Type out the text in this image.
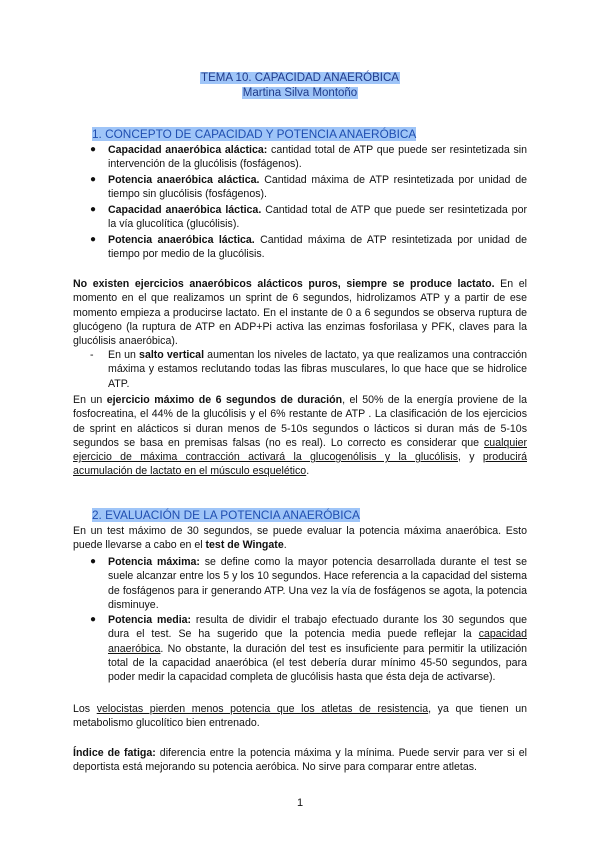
TEMA 10. CAPACIDAD ANAERÓBICA
Martina Silva Montoño
1. CONCEPTO DE CAPACIDAD Y POTENCIA ANAERÓBICA
● Capacidad anaeróbica aláctica: cantidad total de ATP que puede ser resintetizada sin intervención de la glucólisis (fosfágenos).
● Potencia anaeróbica aláctica. Cantidad máxima de ATP resintetizada por unidad de tiempo sin glucólisis (fosfágenos).
● Capacidad anaeróbica láctica. Cantidad total de ATP que puede ser resintetizada por la vía glucolítica (glucólisis).
● Potencia anaeróbica láctica. Cantidad máxima de ATP resintetizada por unidad de tiempo por medio de la glucólisis.
No existen ejercicios anaeróbicos alácticos puros, siempre se produce lactato. En el momento en el que realizamos un sprint de 6 segundos, hidrolizamos ATP y a partir de ese momento empieza a producirse lactato. En el instante de 0 a 6 segundos se observa ruptura de glucógeno (la ruptura de ATP en ADP+Pi activa las enzimas fosforilasa y PFK, claves para la glucólisis anaeróbica).
- En un salto vertical aumentan los niveles de lactato, ya que realizamos una contracción máxima y estamos reclutando todas las fibras musculares, lo que hace que se hidrolice ATP.
En un ejercicio máximo de 6 segundos de duración, el 50% de la energía proviene de la fosfocreatina, el 44% de la glucólisis y el 6% restante de ATP . La clasificación de los ejercicios de sprint en alácticos si duran menos de 5-10s segundos o lácticos si duran más de 5-10s segundos se basa en premisas falsas (no es real). Lo correcto es considerar que cualquier ejercicio de máxima contracción activará la glucogenólisis y la glucólisis, y producirá acumulación de lactato en el músculo esquelético.
2. EVALUACIÓN DE LA POTENCIA ANAERÓBICA
En un test máximo de 30 segundos, se puede evaluar la potencia máxima anaeróbica. Esto puede llevarse a cabo en el test de Wingate.
● Potencia máxima: se define como la mayor potencia desarrollada durante el test se suele alcanzar entre los 5 y los 10 segundos. Hace referencia a la capacidad del sistema de fosfágenos para ir generando ATP. Una vez la vía de fosfágenos se agota, la potencia disminuye.
● Potencia media: resulta de dividir el trabajo efectuado durante los 30 segundos que dura el test. Se ha sugerido que la potencia media puede reflejar la capacidad anaeróbica. No obstante, la duración del test es insuficiente para permitir la utilización total de la capacidad anaeróbica (el test debería durar mínimo 45-50 segundos, para poder medir la capacidad completa de glucólisis hasta que ésta deja de activarse).
Los velocistas pierden menos potencia que los atletas de resistencia, ya que tienen un metabolismo glucolítico bien entrenado.
Índice de fatiga: diferencia entre la potencia máxima y la mínima. Puede servir para ver si el deportista está mejorando su potencia aeróbica. No sirve para comparar entre atletas.
1
